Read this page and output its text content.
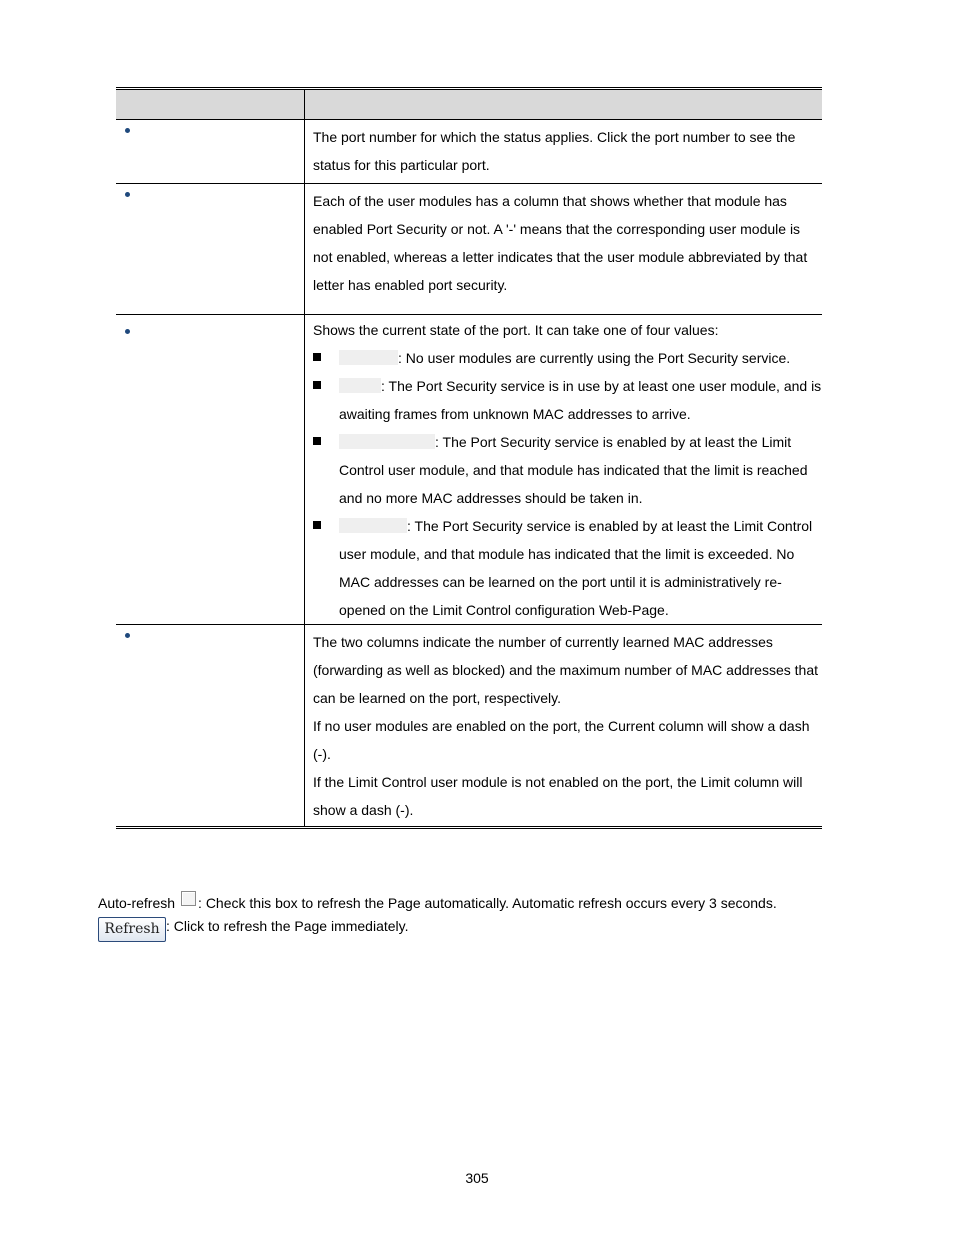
	The port number for which the status applies. Click the port number to see the status for this particular port.

	Each of the user modules has a column that shows whether that module has enabled Port Security or not. A '-' means that the corresponding user module is not enabled, whereas a letter indicates that the user module abbreviated by that letter has enabled port security.

	Shows the current state of the port. It can take one of four values:
: No user modules are currently using the Port Security service.
: The Port Security service is in use by at least one user module, and is awaiting frames from unknown MAC addresses to arrive.
: The Port Security service is enabled by at least the Limit Control user module, and that module has indicated that the limit is reached and no more MAC addresses should be taken in.
: The Port Security service is enabled by at least the Limit Control user module, and that module has indicated that the limit is exceeded. No MAC addresses can be learned on the port until it is administratively re-opened on the Limit Control configuration Web-Page.

	The two columns indicate the number of currently learned MAC addresses (forwarding as well as blocked) and the maximum number of MAC addresses that can be learned on the port, respectively.
If no user modules are enabled on the port, the Current column will show a dash (-).
If the Limit Control user module is not enabled on the port, the Limit column will show a dash (-).
Auto-refresh : Check this box to refresh the Page automatically. Automatic refresh occurs every 3 seconds.
Refresh : Click to refresh the Page immediately.
305
